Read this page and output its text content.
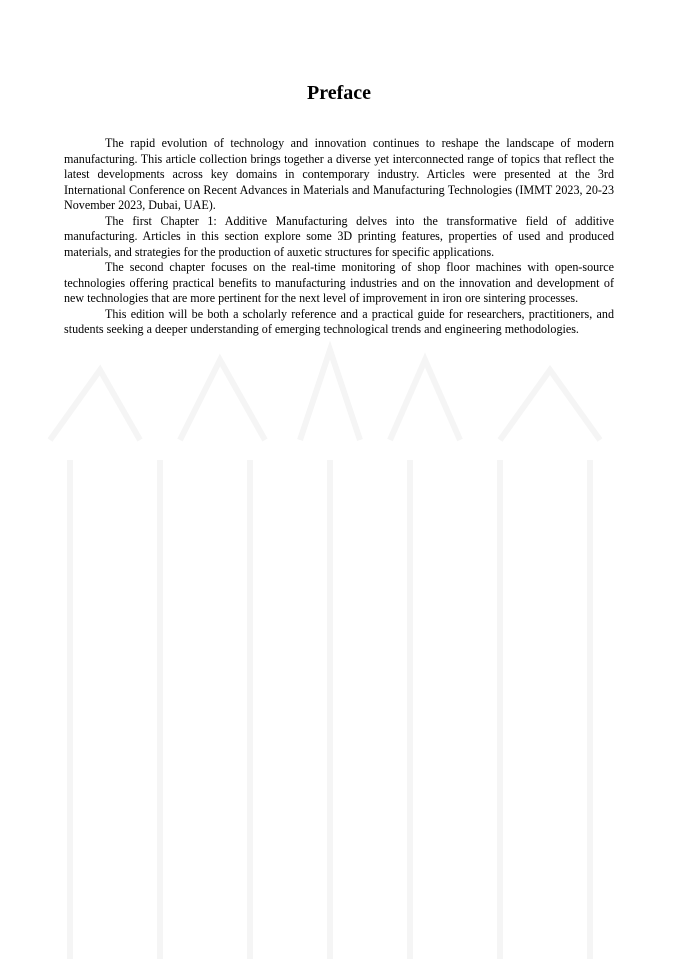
Preface

The rapid evolution of technology and innovation continues to reshape the landscape of modern manufacturing. This article collection brings together a diverse yet interconnected range of topics that reflect the latest developments across key domains in contemporary industry. Articles were presented at the 3rd International Conference on Recent Advances in Materials and Manufacturing Technologies (IMMT 2023, 20-23 November 2023, Dubai, UAE).

The first Chapter 1: Additive Manufacturing delves into the transformative field of additive manufacturing. Articles in this section explore some 3D printing features, properties of used and produced materials, and strategies for the production of auxetic structures for specific applications.

The second chapter focuses on the real-time monitoring of shop floor machines with open-source technologies offering practical benefits to manufacturing industries and on the innovation and development of new technologies that are more pertinent for the next level of improvement in iron ore sintering processes.

This edition will be both a scholarly reference and a practical guide for researchers, practitioners, and students seeking a deeper understanding of emerging technological trends and engineering methodologies.
